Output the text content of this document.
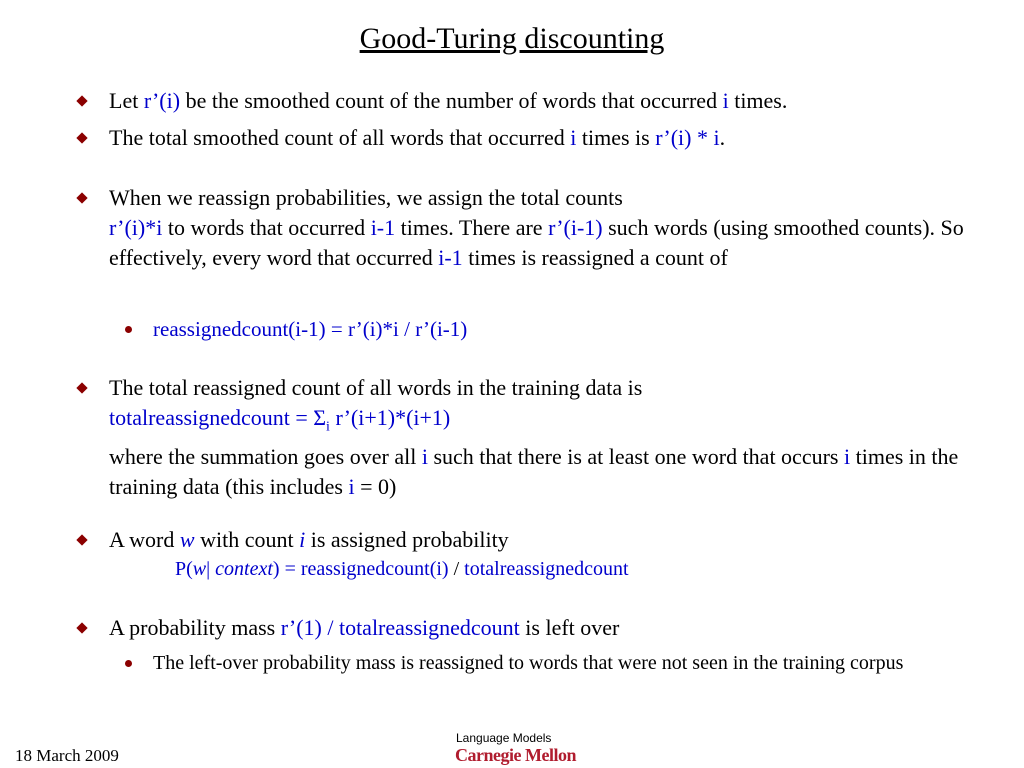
Good-Turing discounting
Let r’(i) be the smoothed count of the number of words that occurred i times.
The total smoothed count of all words that occurred i times is r’(i) * i.
When we reassign probabilities, we assign the total counts
r’(i)*i to words that occurred i-1 times. There are r’(i-1) such words (using smoothed counts). So effectively, every word that occurred i-1 times is reassigned a count of
reassignedcount(i-1) = r’(i)*i / r’(i-1)
The total reassigned count of all words in the training data is
totalreassignedcount = $\Sigma_i$ r’(i+1)*(i+1)
where the summation goes over all i such that there is at least one word that occurs i times in the training data (this includes i = 0)
A word w with count i is assigned probability
P(w| context) = reassignedcount(i) / totalreassignedcount
A probability mass r’(1) / totalreassignedcount is left over
The left-over probability mass is reassigned to words that were not seen in the training corpus
18 March 2009
Language Models
Carnegie Mellon
